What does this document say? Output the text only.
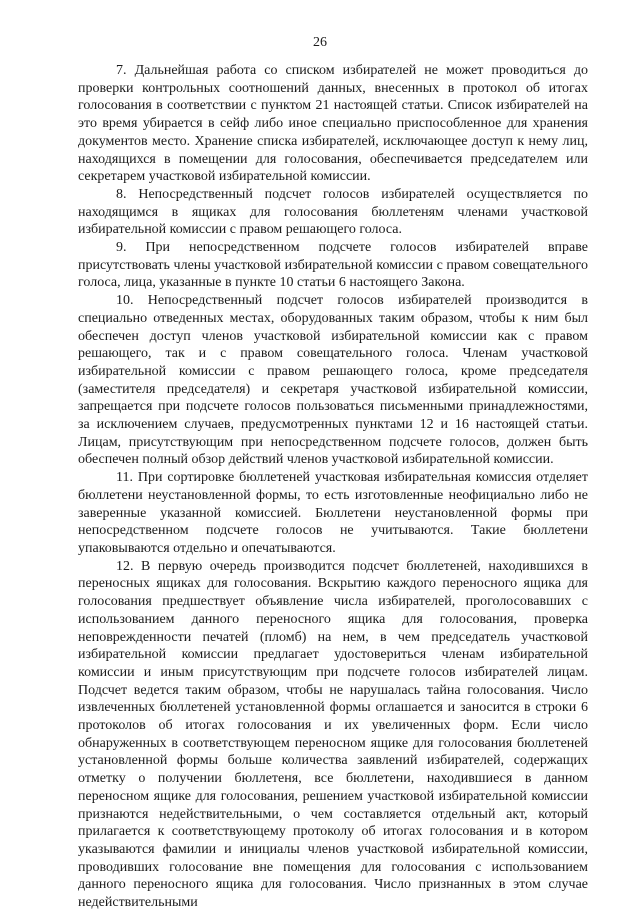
26

7. Дальнейшая работа со списком избирателей не может проводиться до проверки контрольных соотношений данных, внесенных в протокол об итогах голосования в соответствии с пунктом 21 настоящей статьи. Список избирателей на это время убирается в сейф либо иное специально приспособленное для хранения документов место. Хранение списка избирателей, исключающее доступ к нему лиц, находящихся в помещении для голосования, обеспечивается председателем или секретарем участковой избирательной комиссии.

8. Непосредственный подсчет голосов избирателей осуществляется по находящимся в ящиках для голосования бюллетеням членами участковой избирательной комиссии с правом решающего голоса.

9. При непосредственном подсчете голосов избирателей вправе присутствовать члены участковой избирательной комиссии с правом совещательного голоса, лица, указанные в пункте 10 статьи 6 настоящего Закона.

10. Непосредственный подсчет голосов избирателей производится в специально отведенных местах, оборудованных таким образом, чтобы к ним был обеспечен доступ членов участковой избирательной комиссии как с правом решающего, так и с правом совещательного голоса. Членам участковой избирательной комиссии с правом решающего голоса, кроме председателя (заместителя председателя) и секретаря участковой избирательной комиссии, запрещается при подсчете голосов пользоваться письменными принадлежностями, за исключением случаев, предусмотренных пунктами 12 и 16 настоящей статьи. Лицам, присутствующим при непосредственном подсчете голосов, должен быть обеспечен полный обзор действий членов участковой избирательной комиссии.

11. При сортировке бюллетеней участковая избирательная комиссия отделяет бюллетени неустановленной формы, то есть изготовленные неофициально либо не заверенные указанной комиссией. Бюллетени неустановленной формы при непосредственном подсчете голосов не учитываются. Такие бюллетени упаковываются отдельно и опечатываются.

12. В первую очередь производится подсчет бюллетеней, находившихся в переносных ящиках для голосования. Вскрытию каждого переносного ящика для голосования предшествует объявление числа избирателей, проголосовавших с использованием данного переносного ящика для голосования, проверка неповрежденности печатей (пломб) на нем, в чем председатель участковой избирательной комиссии предлагает удостовериться членам избирательной комиссии и иным присутствующим при подсчете голосов избирателей лицам. Подсчет ведется таким образом, чтобы не нарушалась тайна голосования. Число извлеченных бюллетеней установленной формы оглашается и заносится в строки 6 протоколов об итогах голосования и их увеличенных форм. Если число обнаруженных в соответствующем переносном ящике для голосования бюллетеней установленной формы больше количества заявлений избирателей, содержащих отметку о получении бюллетеня, все бюллетени, находившиеся в данном переносном ящике для голосования, решением участковой избирательной комиссии признаются недействительными, о чем составляется отдельный акт, который прилагается к соответствующему протоколу об итогах голосования и в котором указываются фамилии и инициалы членов участковой избирательной комиссии, проводивших голосование вне помещения для голосования с использованием данного переносного ящика для голосования. Число признанных в этом случае недействительными
